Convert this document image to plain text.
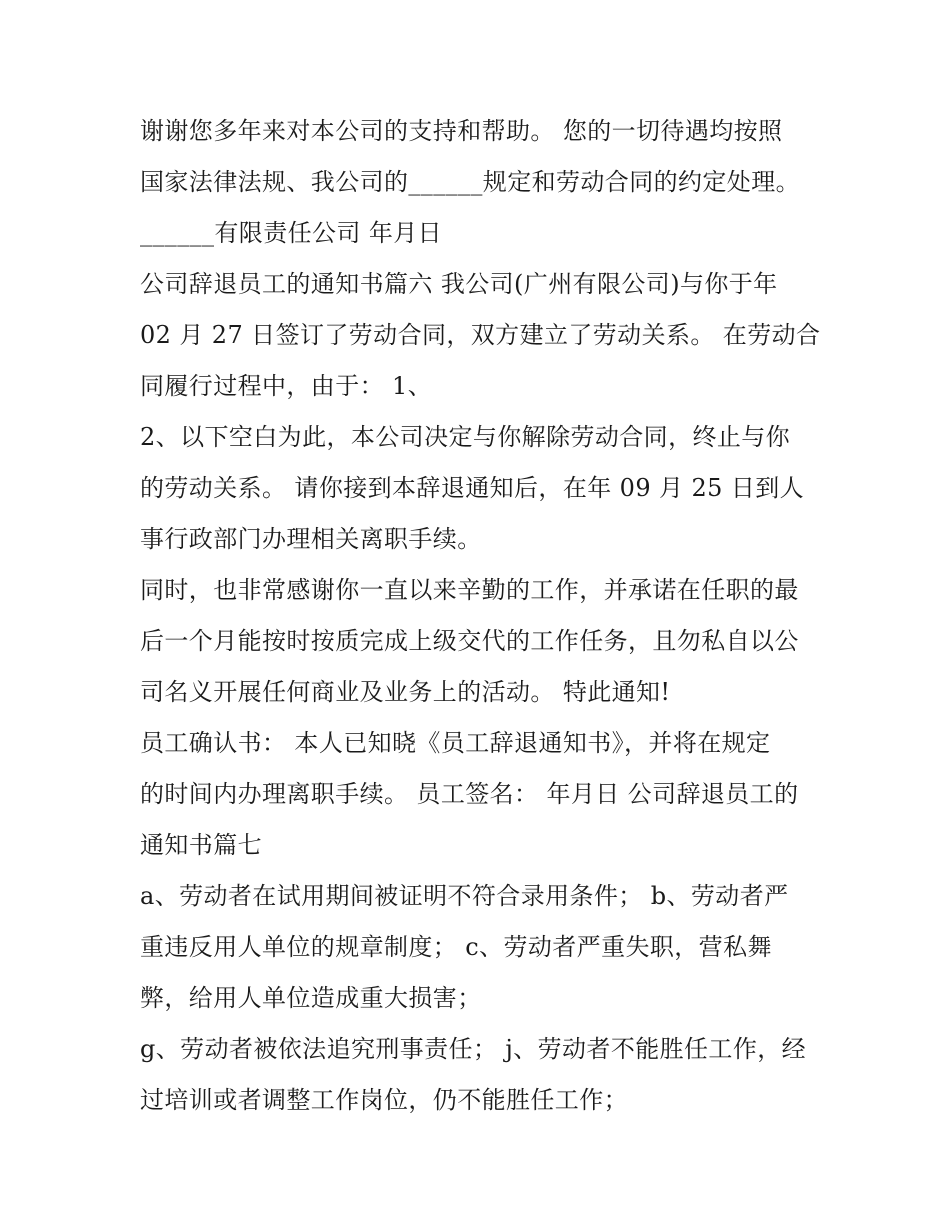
谢谢您多年来对本公司的支持和帮助。 您的一切待遇均按照
国家法律法规、我公司的______规定和劳动合同的约定处理。
______有限责任公司 年月日
公司辞退员工的通知书篇六 我公司(广州有限公司)与你于年
02 月 27 日签订了劳动合同，双方建立了劳动关系。 在劳动合
同履行过程中，由于： 1、
2、以下空白为此，本公司决定与你解除劳动合同，终止与你
的劳动关系。 请你接到本辞退通知后，在年 09 月 25 日到人
事行政部门办理相关离职手续。
同时，也非常感谢你一直以来辛勤的工作，并承诺在任职的最
后一个月能按时按质完成上级交代的工作任务，且勿私自以公
司名义开展任何商业及业务上的活动。 特此通知!
员工确认书： 本人已知晓《员工辞退通知书》，并将在规定
的时间内办理离职手续。 员工签名： 年月日 公司辞退员工的
通知书篇七
a、劳动者在试用期间被证明不符合录用条件； b、劳动者严
重违反用人单位的规章制度； c、劳动者严重失职，营私舞
弊，给用人单位造成重大损害；
g、劳动者被依法追究刑事责任； j、劳动者不能胜任工作，经
过培训或者调整工作岗位，仍不能胜任工作；
